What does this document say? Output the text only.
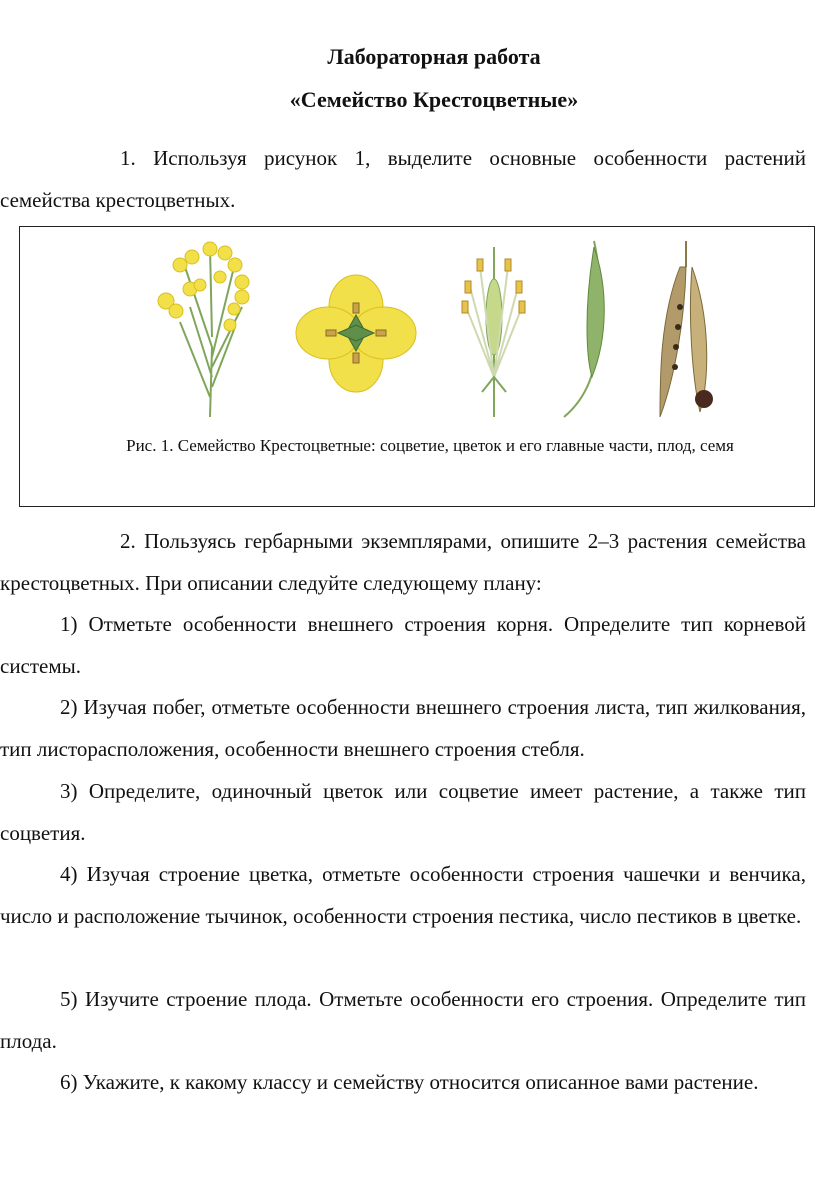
Лабораторная работа
«Семейство Крестоцветные»

1. Используя рисунок 1, выделите основные особенности растений семейства крестоцветных.

Рис. 1. Семейство Крестоцветные: соцветие, цветок и его главные части, плод, семя

2. Пользуясь гербарными экземплярами, опишите 2–3 растения семейства крестоцветных. При описании следуйте следующему плану:

1) Отметьте особенности внешнего строения корня. Определите тип корневой системы.

2) Изучая побег, отметьте особенности внешнего строения листа, тип жилкования, тип листорасположения, особенности внешнего строения стебля.

3) Определите, одиночный цветок или соцветие имеет растение, а также тип соцветия.

4) Изучая строение цветка, отметьте особенности строения чашечки и венчика, число и расположение тычинок, особенности строения пестика, число пестиков в цветке.

5) Изучите строение плода. Отметьте особенности его строения. Определите тип плода.

6) Укажите, к какому классу и семейству относится описанное вами растение.
